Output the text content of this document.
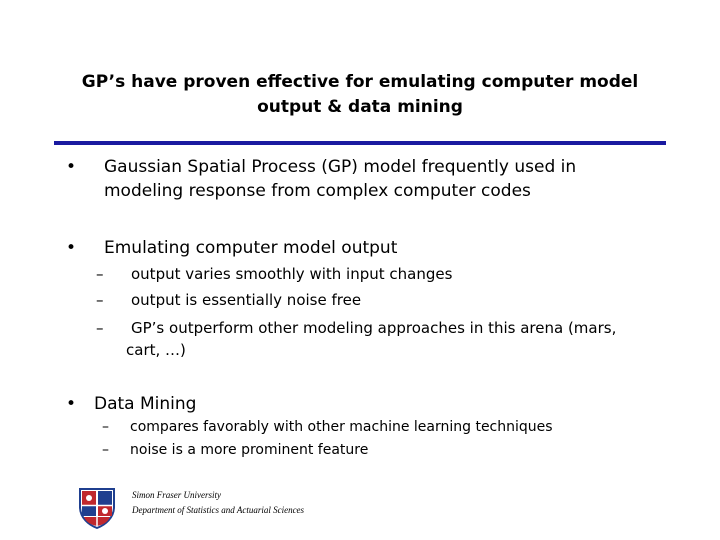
GP’s have proven effective for emulating computer model
output & data mining
• Gaussian Spatial Process (GP) model frequently used in
modeling response from complex computer codes
• Emulating computer model output
– output varies smoothly with input changes
– output is essentially noise free
– GP’s outperform other modeling approaches in this arena (mars,
cart, …)
• Data Mining
– compares favorably with other machine learning techniques
– noise is a more prominent feature
Simon Fraser University
Department of Statistics and Actuarial Sciences
